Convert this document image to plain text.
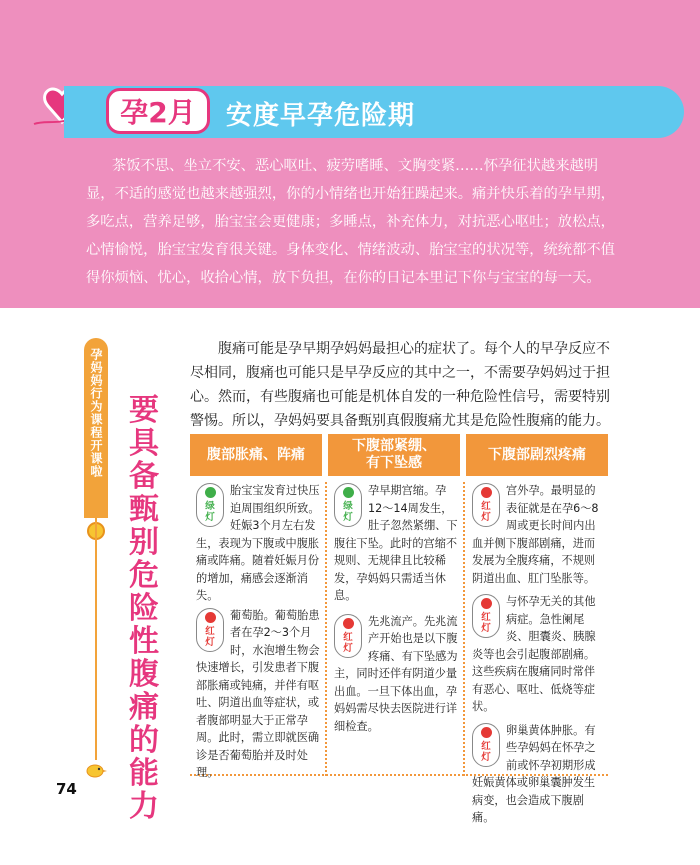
孕2月	安度早孕危险期

茶饭不思、坐立不安、恶心呕吐、疲劳嗜睡、文胸变紧……怀孕征状越来越明显，不适的感觉也越来越强烈，你的小情绪也开始狂躁起来。痛并快乐着的孕早期，多吃点，营养足够，胎宝宝会更健康；多睡点，补充体力，对抗恶心呕吐；放松点，心情愉悦，胎宝宝发育很关键。身体变化、情绪波动、胎宝宝的状况等，统统都不值得你烦恼、忧心，收拾心情，放下负担，在你的日记本里记下你与宝宝的每一天。

孕妈妈行为课程开课啦 要具备甄别危险性腹痛的能力

腹痛可能是孕早期孕妈妈最担心的症状了。每个人的早孕反应不尽相同，腹痛也可能只是早孕反应的其中之一，不需要孕妈妈过于担心。然而，有些腹痛也可能是机体自发的一种危险性信号，需要特别警惕。所以，孕妈妈要具备甄别真假腹痛尤其是危险性腹痛的能力。

腹部胀痛、阵痛
下腹部紧绷、有下坠感
下腹部剧烈疼痛
绿灯
胎宝宝发育过快压迫周围组织所致。妊娠3个月左右发生，表现为下腹或中腹胀痛或阵痛。随着妊娠月份的增加，痛感会逐渐消失。
红灯
葡萄胎。葡萄胎患者在孕2～3个月时，水泡增生物会快速增长，引发患者下腹部胀痛或钝痛，并伴有呕吐、阴道出血等症状，或者腹部明显大于正常孕周。此时，需立即就医确诊是否葡萄胎并及时处理。
绿灯
孕早期宫缩。孕12～14周发生，肚子忽然紧绷、下腹往下坠。此时的宫缩不规则、无规律且比较稀发，孕妈妈只需适当休息。
红灯
先兆流产。先兆流产开始也是以下腹疼痛、有下坠感为主，同时还伴有阴道少量出血。一旦下体出血，孕妈妈需尽快去医院进行详细检查。
红灯
宫外孕。最明显的表征就是在孕6～8周或更长时间内出血并侧下腹部剧痛，进而发展为全腹疼痛，不规则阴道出血、肛门坠胀等。
红灯
与怀孕无关的其他病症。急性阑尾炎、胆囊炎、胰腺炎等也会引起腹部剧痛。这些疾病在腹痛同时常伴有恶心、呕吐、低烧等症状。
红灯
卵巢黄体肿胀。有些孕妈妈在怀孕之前或怀孕初期形成妊娠黄体或卵巢囊肿发生病变，也会造成下腹剧痛。
74
